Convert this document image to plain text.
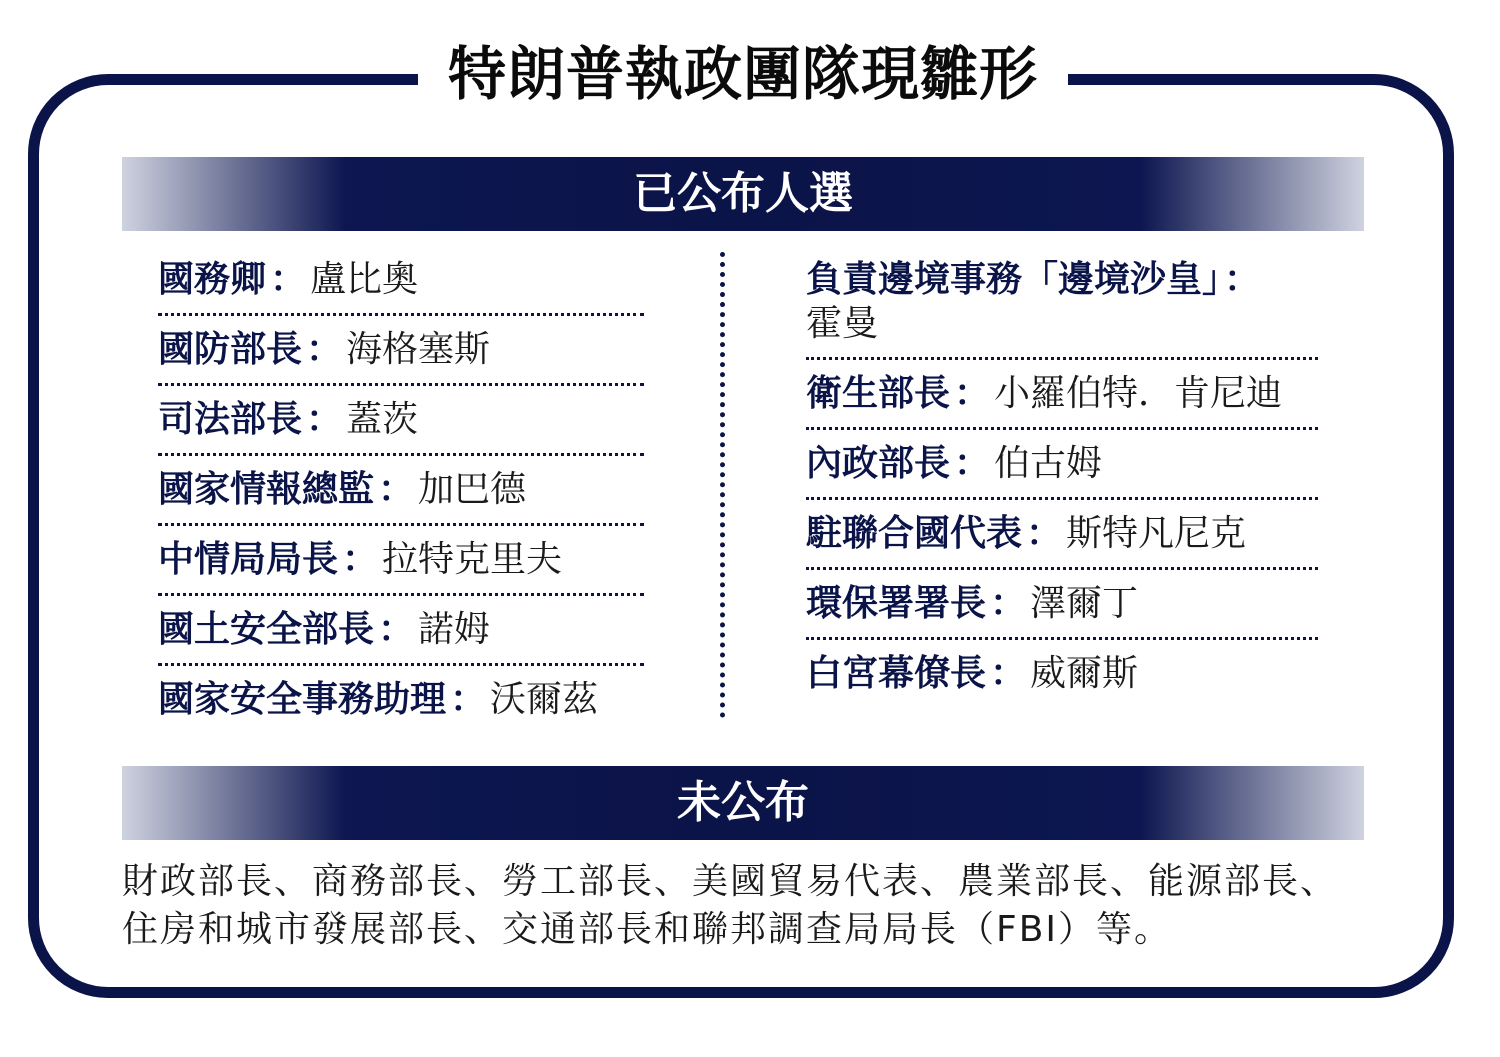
特朗普執政團隊現雛形
已公布人選
國務卿 ： 盧比奧
國防部長 ： 海格塞斯
司法部長 ： 蓋茨
國家情報總監 ： 加巴德
中情局局長 ： 拉特克里夫
國土安全部長 ： 諾姆
國家安全事務助理 ： 沃爾茲
負責邊境事務「邊境沙皇」 ：
霍曼
衛生部長 ： 小羅伯特．肯尼迪
內政部長 ： 伯古姆
駐聯合國代表 ： 斯特凡尼克
環保署署長 ： 澤爾丁
白宮幕僚長 ： 威爾斯
未公布
財政部長、商務部長、勞工部長、美國貿易代表、農業部長、能源部長、住房和城市發展部長、交通部長和聯邦調查局局長（FBI）等。
